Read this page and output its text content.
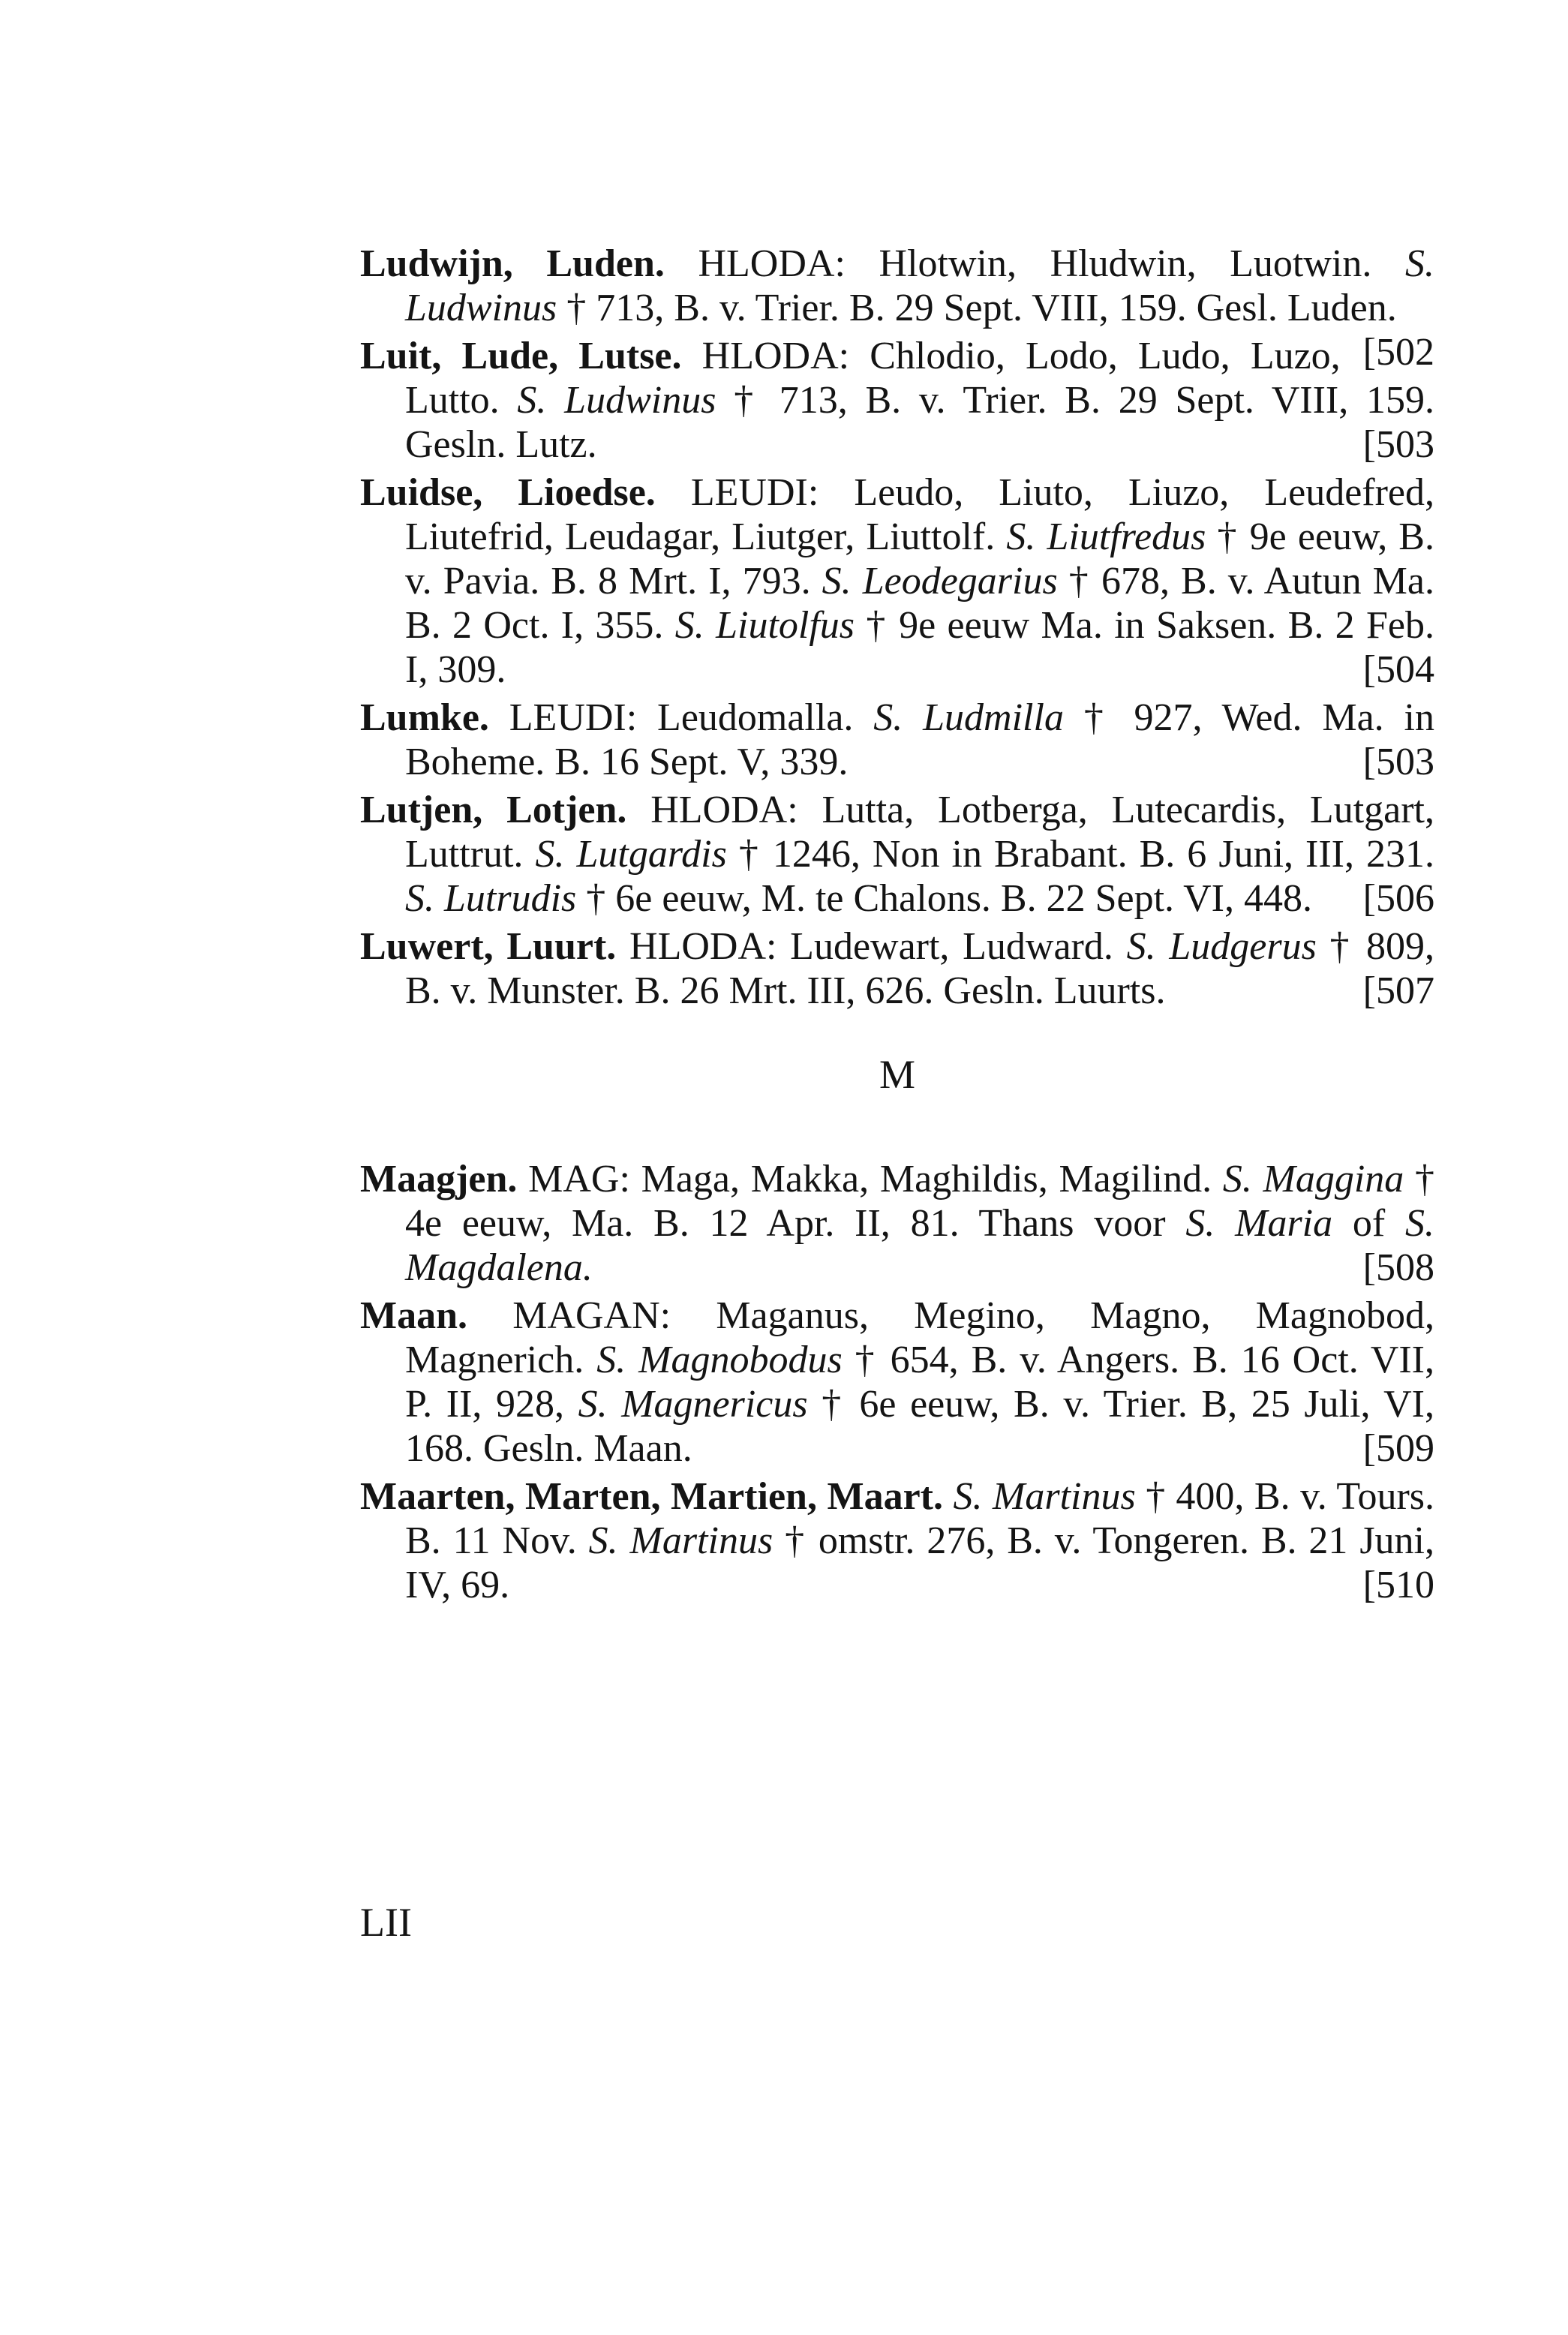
Ludwijn, Luden. HLODA: Hlotwin, Hludwin, Luotwin. S. Ludwinus † 713, B. v. Trier. B. 29 Sept. VIII, 159. Gesl. Luden.
[502

Luit, Lude, Lutse. HLODA: Chlodio, Lodo, Ludo, Luzo, Lutto. S. Ludwinus † 713, B. v. Trier. B. 29 Sept. VIII, 159. Gesln. Lutz.	[503

Luidse, Lioedse. LEUDI: Leudo, Liuto, Liuzo, Leudefred, Liutefrid, Leudagar, Liutger, Liuttolf. S. Liutfredus † 9e eeuw, B. v. Pavia. B. 8 Mrt. I, 793. S. Leodegarius † 678, B. v. Autun Ma. B. 2 Oct. I, 355. S. Liutolfus † 9e eeuw Ma. in Saksen. B. 2 Feb. I, 309.	[504

Lumke. LEUDI: Leudomalla. S. Ludmilla † 927, Wed. Ma. in Boheme. B. 16 Sept. V, 339.	[503

Lutjen, Lotjen. HLODA: Lutta, Lotberga, Lutecardis, Lutgart, Luttrut. S. Lutgardis † 1246, Non in Brabant. B. 6 Juni, III, 231. S. Lutrudis † 6e eeuw, M. te Chalons. B. 22 Sept. VI, 448. [506

Luwert, Luurt. HLODA: Ludewart, Ludward. S. Ludgerus † 809, B. v. Munster. B. 26 Mrt. III, 626. Gesln. Luurts.	[507

M

Maagjen. MAG: Maga, Makka, Maghildis, Magilind. S. Maggina † 4e eeuw, Ma. B. 12 Apr. II, 81. Thans voor S. Maria of S. Magdalena.	[508

Maan. MAGAN: Maganus, Megino, Magno, Magnobod, Magnerich. S. Magnobodus † 654, B. v. Angers. B. 16 Oct. VII, P. II, 928, S. Magnericus † 6e eeuw, B. v. Trier. B, 25 Juli, VI, 168. Gesln. Maan.	[509

Maarten, Marten, Martien, Maart. S. Martinus † 400, B. v. Tours. B. 11 Nov. S. Martinus † omstr. 276, B. v. Tongeren. B. 21 Juni, IV, 69.	[510

LII
